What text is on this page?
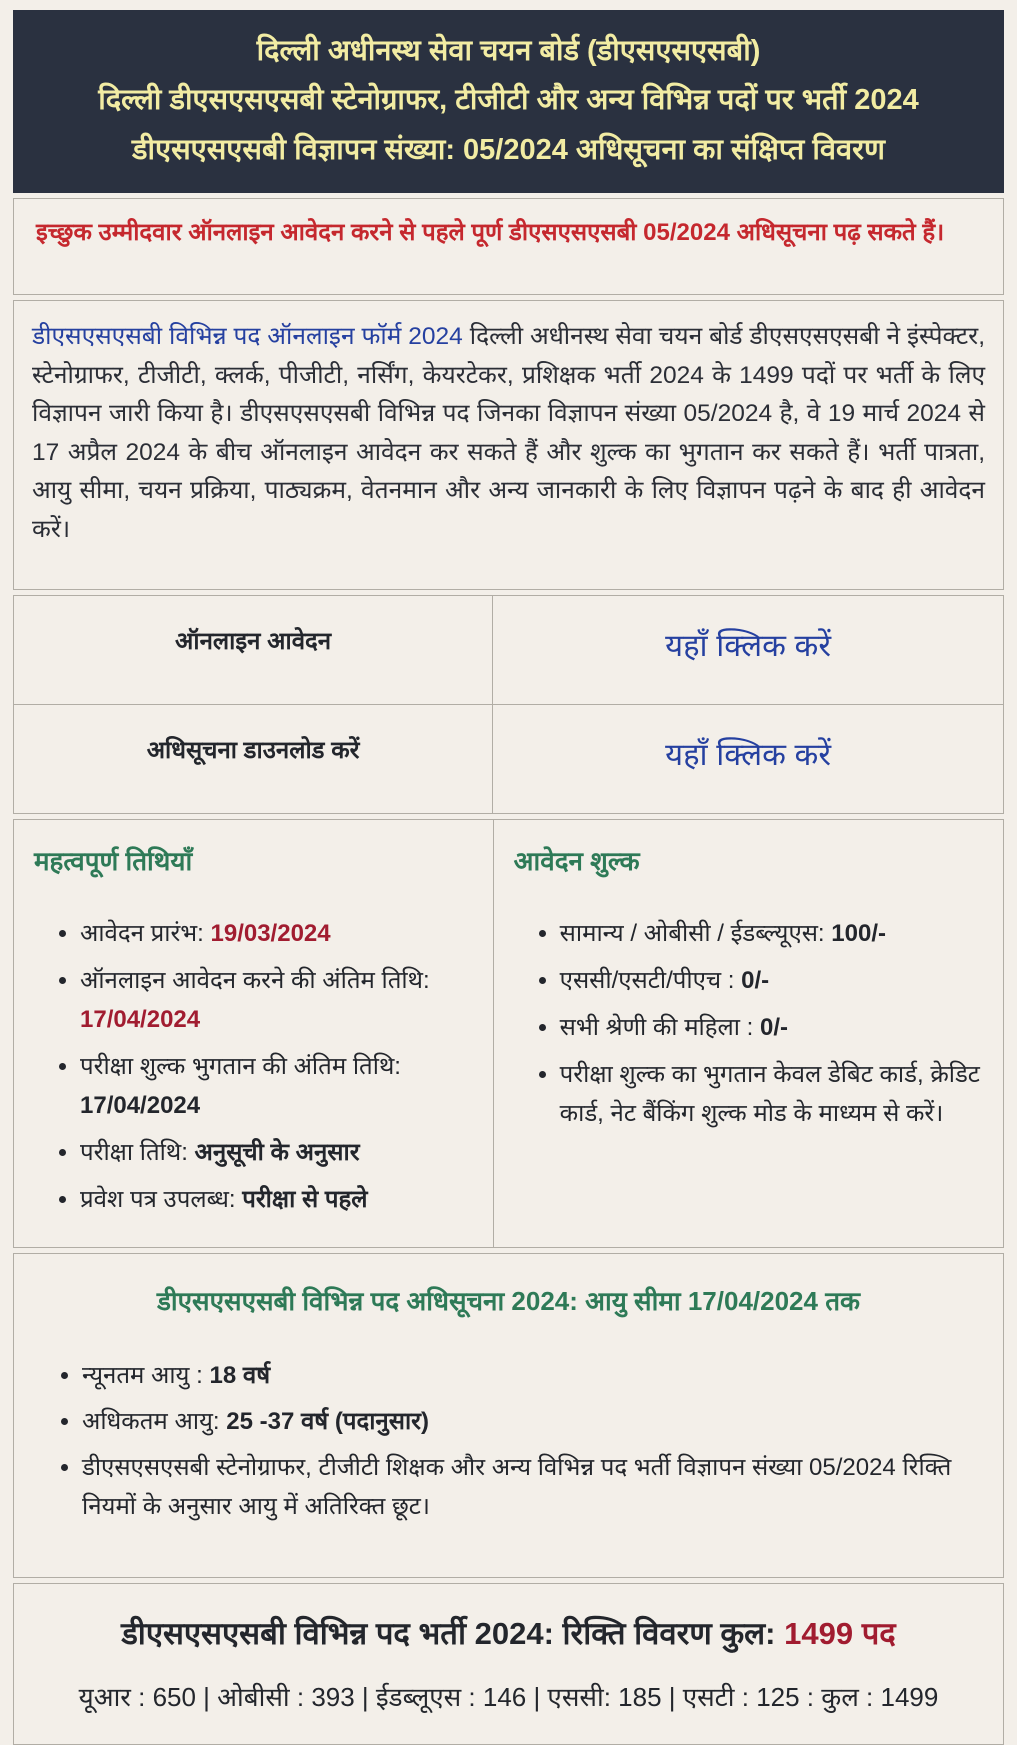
दिल्ली अधीनस्थ सेवा चयन बोर्ड (डीएसएसएसबी)
दिल्ली डीएसएसएसबी स्टेनोग्राफर, टीजीटी और अन्य विभिन्न पदों पर भर्ती 2024
डीएसएसएसबी विज्ञापन संख्या: 05/2024 अधिसूचना का संक्षिप्त विवरण

इच्छुक उम्मीदवार ऑनलाइन आवेदन करने से पहले पूर्ण डीएसएसएसबी 05/2024 अधिसूचना पढ़ सकते हैं।

डीएसएसएसबी विभिन्न पद ऑनलाइन फॉर्म 2024 दिल्ली अधीनस्थ सेवा चयन बोर्ड डीएसएसएसबी ने इंस्पेक्टर, स्टेनोग्राफर, टीजीटी, क्लर्क, पीजीटी, नर्सिंग, केयरटेकर, प्रशिक्षक भर्ती 2024 के 1499 पदों पर भर्ती के लिए विज्ञापन जारी किया है। डीएसएसएसबी विभिन्न पद जिनका विज्ञापन संख्या 05/2024 है, वे 19 मार्च 2024 से 17 अप्रैल 2024 के बीच ऑनलाइन आवेदन कर सकते हैं और शुल्क का भुगतान कर सकते हैं। भर्ती पात्रता, आयु सीमा, चयन प्रक्रिया, पाठ्यक्रम, वेतनमान और अन्य जानकारी के लिए विज्ञापन पढ़ने के बाद ही आवेदन करें।

ऑनलाइन आवेदन	यहाँ क्लिक करें
अधिसूचना डाउनलोड करें	यहाँ क्लिक करें
महत्वपूर्ण तिथियाँ
• आवेदन प्रारंभ: 19/03/2024
• ऑनलाइन आवेदन करने की अंतिम तिथि: 17/04/2024
• परीक्षा शुल्क भुगतान की अंतिम तिथि: 17/04/2024
• परीक्षा तिथि: अनुसूची के अनुसार
• प्रवेश पत्र उपलब्ध: परीक्षा से पहले
आवेदन शुल्क
• सामान्य / ओबीसी / ईडब्ल्यूएस: 100/-
• एससी/एसटी/पीएच : 0/-
• सभी श्रेणी की महिला : 0/-
• परीक्षा शुल्क का भुगतान केवल डेबिट कार्ड, क्रेडिट कार्ड, नेट बैंकिंग शुल्क मोड के माध्यम से करें।
डीएसएसएसबी विभिन्न पद अधिसूचना 2024: आयु सीमा 17/04/2024 तक
• न्यूनतम आयु : 18 वर्ष
• अधिकतम आयु: 25 -37 वर्ष (पदानुसार)
• डीएसएसएसबी स्टेनोग्राफर, टीजीटी शिक्षक और अन्य विभिन्न पद भर्ती विज्ञापन संख्या 05/2024 रिक्ति नियमों के अनुसार आयु में अतिरिक्त छूट।
डीएसएसएसबी विभिन्न पद भर्ती 2024: रिक्ति विवरण कुल: 1499 पद

यूआर : 650 | ओबीसी : 393 | ईडब्लूएस : 146 | एससी: 185 | एसटी : 125 : कुल : 1499
